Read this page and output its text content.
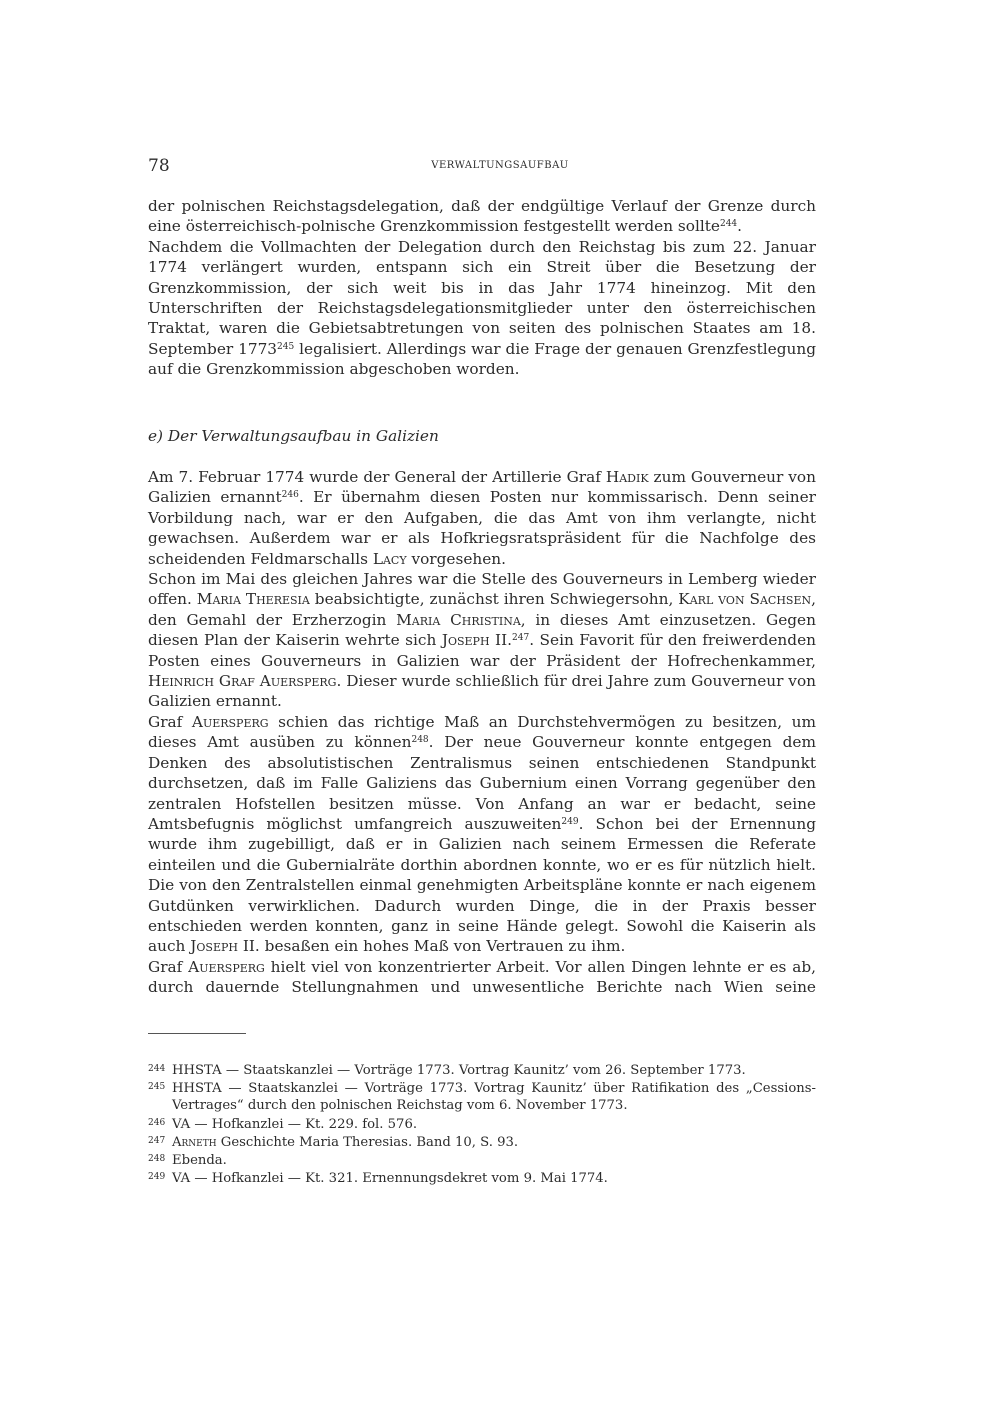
78	VERWALTUNGSAUFBAU

der polnischen Reichstagsdelegation, daß der endgültige Verlauf der Grenze durch eine österreichisch-polnische Grenzkommission festgestellt werden sollte$^{244}$.

Nachdem die Vollmachten der Delegation durch den Reichstag bis zum 22. Januar 1774 verlängert wurden, entspann sich ein Streit über die Besetzung der Grenzkommission, der sich weit bis in das Jahr 1774 hineinzog. Mit den Unterschriften der Reichstagsdelegationsmitglieder unter den österreichischen Traktat, waren die Gebietsabtretungen von seiten des polnischen Staates am 18. September 1773$^{245}$ legalisiert. Allerdings war die Frage der genauen Grenzfestlegung auf die Grenzkommission abgeschoben worden.

e) Der Verwaltungsaufbau in Galizien

Am 7. Februar 1774 wurde der General der Artillerie Graf Hadik zum Gouverneur von Galizien ernannt$^{246}$. Er übernahm diesen Posten nur kommissarisch. Denn seiner Vorbildung nach, war er den Aufgaben, die das Amt von ihm verlangte, nicht gewachsen. Außerdem war er als Hofkriegsratspräsident für die Nachfolge des scheidenden Feldmarschalls Lacy vorgesehen.

Schon im Mai des gleichen Jahres war die Stelle des Gouverneurs in Lemberg wieder offen. Maria Theresia beabsichtigte, zunächst ihren Schwiegersohn, Karl von Sachsen, den Gemahl der Erzherzogin Maria Christina, in dieses Amt einzusetzen. Gegen diesen Plan der Kaiserin wehrte sich Joseph II.$^{247}$. Sein Favorit für den freiwerdenden Posten eines Gouverneurs in Galizien war der Präsident der Hofrechenkammer, Heinrich Graf Auersperg. Dieser wurde schließlich für drei Jahre zum Gouverneur von Galizien ernannt.

Graf Auersperg schien das richtige Maß an Durchstehvermögen zu besitzen, um dieses Amt ausüben zu können$^{248}$. Der neue Gouverneur konnte entgegen dem Denken des absolutistischen Zentralismus seinen entschiedenen Standpunkt durchsetzen, daß im Falle Galiziens das Gubernium einen Vorrang gegenüber den zentralen Hofstellen besitzen müsse. Von Anfang an war er bedacht, seine Amtsbefugnis möglichst umfangreich auszuweiten$^{249}$. Schon bei der Ernennung wurde ihm zugebilligt, daß er in Galizien nach seinem Ermessen die Referate einteilen und die Gubernialräte dorthin abordnen konnte, wo er es für nützlich hielt. Die von den Zentralstellen einmal genehmigten Arbeitspläne konnte er nach eigenem Gutdünken verwirklichen. Dadurch wurden Dinge, die in der Praxis besser entschieden werden konnten, ganz in seine Hände gelegt. Sowohl die Kaiserin als auch Joseph II. besaßen ein hohes Maß von Vertrauen zu ihm.

Graf Auersperg hielt viel von konzentrierter Arbeit. Vor allen Dingen lehnte er es ab, durch dauernde Stellungnahmen und unwesentliche Berichte nach Wien seine

244 HHSTA — Staatskanzlei — Vorträge 1773. Vortrag Kaunitz’ vom 26. September 1773.
245 HHSTA — Staatskanzlei — Vorträge 1773. Vortrag Kaunitz’ über Ratifikation des „Cessions-Vertrages“ durch den polnischen Reichstag vom 6. November 1773.
246 VA — Hofkanzlei — Kt. 229. fol. 576.
247 Arneth Geschichte Maria Theresias. Band 10, S. 93.
248 Ebenda.
249 VA — Hofkanzlei — Kt. 321. Ernennungsdekret vom 9. Mai 1774.
